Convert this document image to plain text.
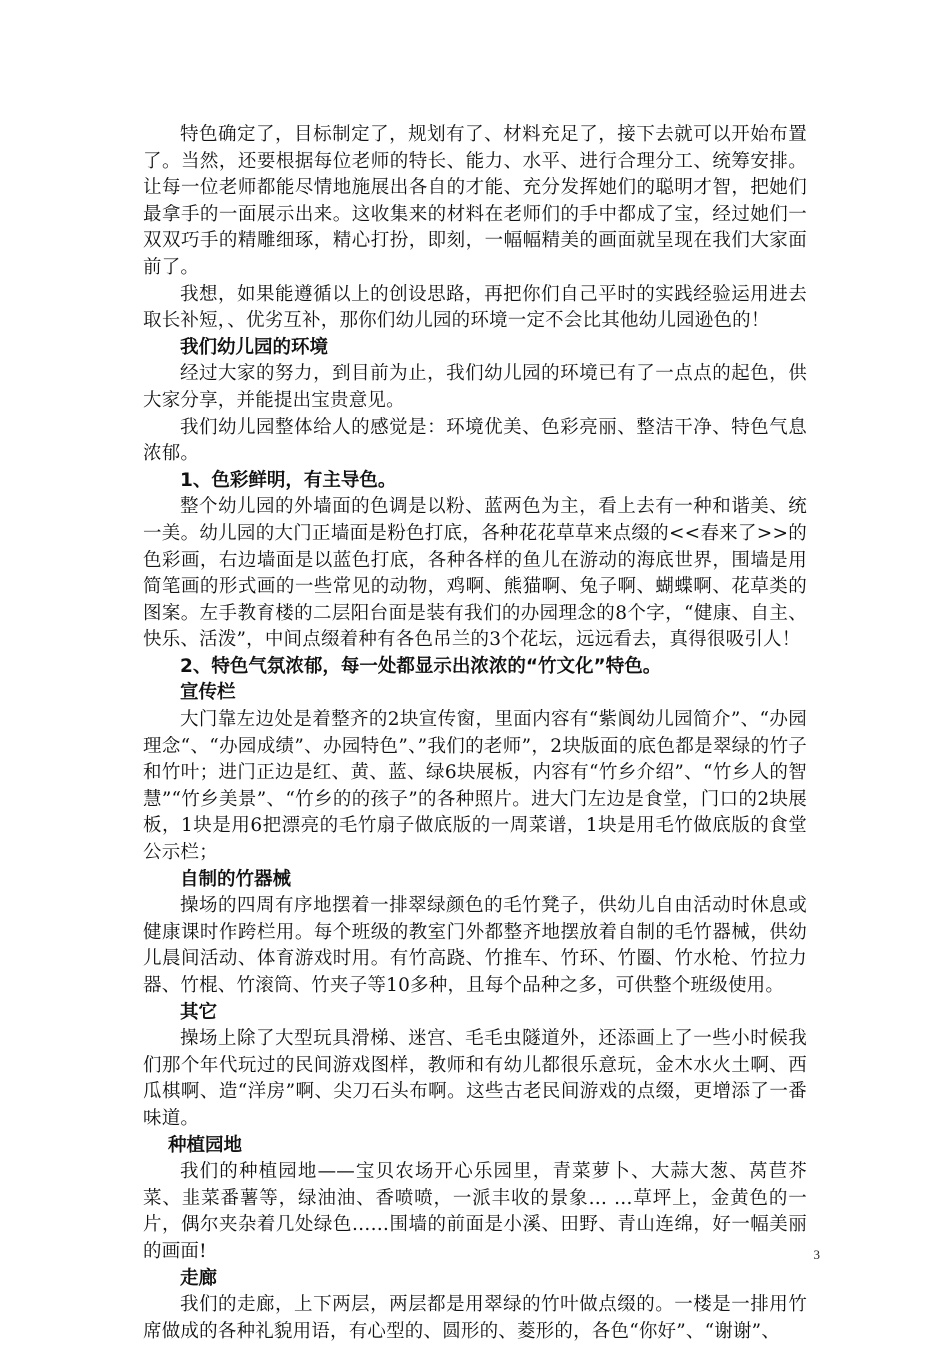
特色确定了，目标制定了，规划有了、材料充足了，接下去就可以开始布置了。当然，还要根据每位老师的特长、能力、水平、进行合理分工、统筹安排。让每一位老师都能尽情地施展出各自的才能、充分发挥她们的聪明才智，把她们最拿手的一面展示出来。这收集来的材料在老师们的手中都成了宝，经过她们一双双巧手的精雕细琢，精心打扮，即刻，一幅幅精美的画面就呈现在我们大家面前了。

我想，如果能遵循以上的创设思路，再把你们自己平时的实践经验运用进去取长补短，、优劣互补，那你们幼儿园的环境一定不会比其他幼儿园逊色的！

我们幼儿园的环境

经过大家的努力，到目前为止，我们幼儿园的环境已有了一点点的起色，供大家分享，并能提出宝贵意见。

我们幼儿园整体给人的感觉是：环境优美、色彩亮丽、整洁干净、特色气息浓郁。

1、色彩鲜明，有主导色。

整个幼儿园的外墙面的色调是以粉、蓝两色为主，看上去有一种和谐美、统一美。幼儿园的大门正墙面是粉色打底，各种花花草草来点缀的<<春来了>>的色彩画，右边墙面是以蓝色打底，各种各样的鱼儿在游动的海底世界，围墙是用简笔画的形式画的一些常见的动物，鸡啊、熊猫啊、兔子啊、蝴蝶啊、花草类的图案。左手教育楼的二层阳台面是装有我们的办园理念的8个字，“健康、自主、快乐、活泼”，中间点缀着种有各色吊兰的3个花坛，远远看去，真得很吸引人！

2、特色气氛浓郁，每一处都显示出浓浓的“竹文化”特色。

宣传栏

大门靠左边处是着整齐的2块宣传窗，里面内容有“紫阆幼儿园简介”、“办园理念“、“办园成绩”、办园特色”、”我们的老师”，2块版面的底色都是翠绿的竹子和竹叶；进门正边是红、黄、蓝、绿6块展板，内容有“竹乡介绍”、“竹乡人的智慧”“竹乡美景”、“竹乡的的孩子”的各种照片。进大门左边是食堂，门口的2块展板，1块是用6把漂亮的毛竹扇子做底版的一周菜谱，1块是用毛竹做底版的食堂公示栏；

自制的竹器械

操场的四周有序地摆着一排翠绿颜色的毛竹凳子，供幼儿自由活动时休息或健康课时作跨栏用。每个班级的教室门外都整齐地摆放着自制的毛竹器械，供幼儿晨间活动、体育游戏时用。有竹高跷、竹推车、竹环、竹圈、竹水枪、竹拉力器、竹棍、竹滚筒、竹夹子等10多种，且每个品种之多，可供整个班级使用。

其它

操场上除了大型玩具滑梯、迷宫、毛毛虫隧道外，还添画上了一些小时候我们那个年代玩过的民间游戏图样，教师和有幼儿都很乐意玩，金木水火土啊、西瓜棋啊、造“洋房”啊、尖刀石头布啊。这些古老民间游戏的点缀，更增添了一番味道。

种植园地

我们的种植园地——宝贝农场开心乐园里，青菜萝卜、大蒜大葱、莴苣芥菜、韭菜番薯等，绿油油、香喷喷，一派丰收的景象… …草坪上，金黄色的一片，偶尔夹杂着几处绿色……围墙的前面是小溪、田野、青山连绵，好一幅美丽的画面!

走廊

我们的走廊，上下两层，两层都是用翠绿的竹叶做点缀的。一楼是一排用竹席做成的各种礼貌用语，有心型的、圆形的、菱形的，各色“你好”、“谢谢”、

3
